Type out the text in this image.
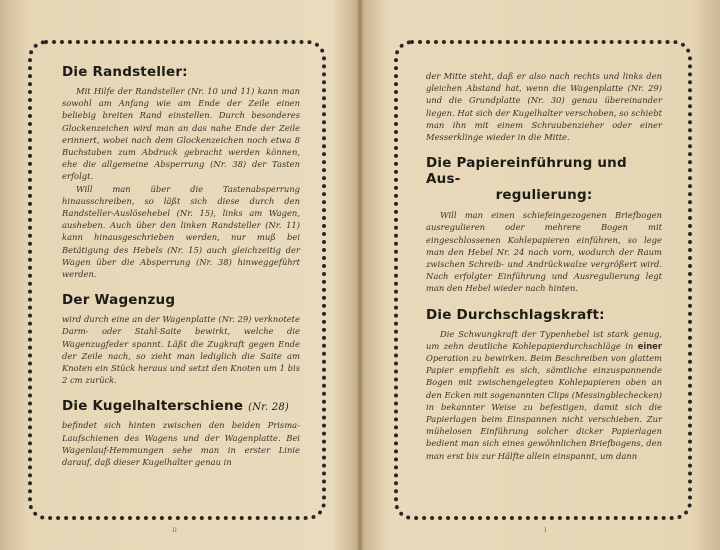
Die Randsteller:

Mit Hilfe der Randsteller (Nr. 10 und 11) kann man sowohl am Anfang wie am Ende der Zeile einen beliebig breiten Rand einstellen. Durch besonderes Glockenzeichen wird man an das nahe Ende der Zeile erinnert, wobei nach dem Glockenzeichen noch etwa 8 Buchstaben zum Abdruck gebracht werden können, ehe die allgemeine Absperrung (Nr. 38) der Tasten erfolgt.

Will man über die Tastenabsperrung hinausschreiben, so läßt sich diese durch den Randsteller-Auslösehebel (Nr. 15), links am Wagen, ausheben. Auch über den linken Randsteller (Nr. 11) kann hinausgeschrieben werden, nur muß bei Betätigung des Hebels (Nr. 15) auch gleichzeitig der Wagen über die Absperrung (Nr. 38) hinweggeführt werden.

Der Wagenzug

wird durch eine an der Wagenplatte (Nr. 29) verknotete Darm- oder Stahl-Saite bewirkt, welche die Wagenzugfeder spannt. Läßt die Zugkraft gegen Ende der Zeile nach, so zieht man lediglich die Saite am Knoten ein Stück heraus und setzt den Knoten um 1 bis 2 cm zurück.

Die Kugelhalterschiene (Nr. 28)

befindet sich hinten zwischen den beiden Prisma-Laufschienen des Wagens und der Wagenplatte. Bei Wagenlauf-Hemmungen sehe man in erster Linie darauf, daß dieser Kugelhalter genau in

der Mitte steht, daß er also nach rechts und links den gleichen Abstand hat, wenn die Wagenplatte (Nr. 29) und die Grundplatte (Nr. 30) genau übereinander liegen. Hat sich der Kugelhalter verschoben, so schiebt man ihn mit einem Schraubenzieher oder einer Messerklinge wieder in die Mitte.

Die Papiereinführung und Aus-
regulierung:

Will man einen schiefeingezogenen Briefbogen ausregulieren oder mehrere Bogen mit eingeschlossenen Kohlepapieren einführen, so lege man den Hebel Nr. 24 nach vorn, wodurch der Raum zwischen Schreib- und Andrückwalze vergrößert wird. Nach erfolgter Einführung und Ausregulierung legt man den Hebel wieder nach hinten.

Die Durchschlagskraft:

Die Schwungkraft der Typenhebel ist stark genug, um zehn deutliche Kohlepapierdurchschläge in einer Operation zu bewirken. Beim Beschreiben von glattem Papier empfiehlt es sich, sämtliche einzuspannende Bogen mit zwischengelegten Kohlepapieren oben an den Ecken mit sogenannten Clips (Messingblechecken) in bekannter Weise zu befestigen, damit sich die Papierlagen beim Einspannen nicht verschieben. Zur mühelosen Einführung solcher dicker Papierlagen bedient man sich eines gewöhnlichen Briefbogens, den man erst bis zur Hälfte allein einspannt, um dann

ıı	ı
